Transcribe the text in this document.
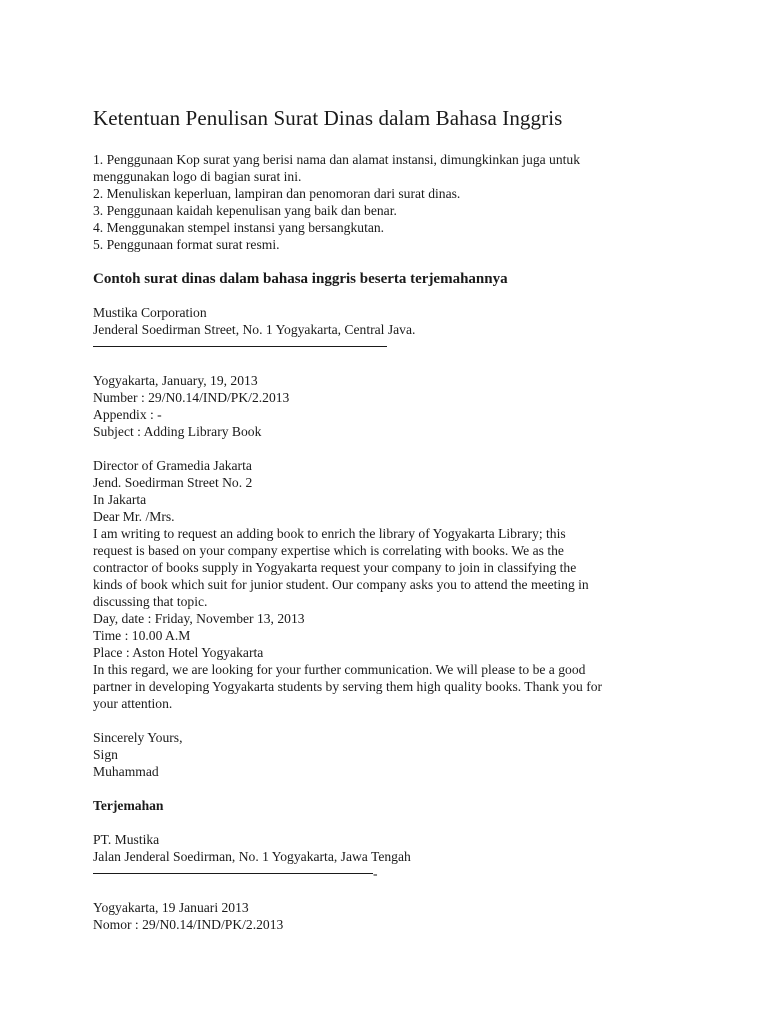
Ketentuan Penulisan Surat Dinas dalam Bahasa Inggris
1. Penggunaan Kop surat yang berisi nama dan alamat instansi, dimungkinkan juga untuk
menggunakan logo di bagian surat ini.
2. Menuliskan keperluan, lampiran dan penomoran dari surat dinas.
3. Penggunaan kaidah kepenulisan yang baik dan benar.
4. Menggunakan stempel instansi yang bersangkutan.
5. Penggunaan format surat resmi.
Contoh surat dinas dalam bahasa inggris beserta terjemahannya
Mustika Corporation
Jenderal Soedirman Street, No. 1 Yogyakarta, Central Java.
Yogyakarta, January, 19, 2013
Number : 29/N0.14/IND/PK/2.2013
Appendix : -
Subject : Adding Library Book
Director of Gramedia Jakarta
Jend. Soedirman Street No. 2
In Jakarta
Dear Mr. /Mrs.
I am writing to request an adding book to enrich the library of Yogyakarta Library; this
request is based on your company expertise which is correlating with books. We as the
contractor of books supply in Yogyakarta request your company to join in classifying the
kinds of book which suit for junior student. Our company asks you to attend the meeting in
discussing that topic.
Day, date : Friday, November 13, 2013
Time : 10.00 A.M
Place : Aston Hotel Yogyakarta
In this regard, we are looking for your further communication. We will please to be a good
partner in developing Yogyakarta students by serving them high quality books. Thank you for
your attention.
Sincerely Yours,
Sign
Muhammad
Terjemahan
PT. Mustika
Jalan Jenderal Soedirman, No. 1 Yogyakarta, Jawa Tengah
-
Yogyakarta, 19 Januari 2013
Nomor : 29/N0.14/IND/PK/2.2013
